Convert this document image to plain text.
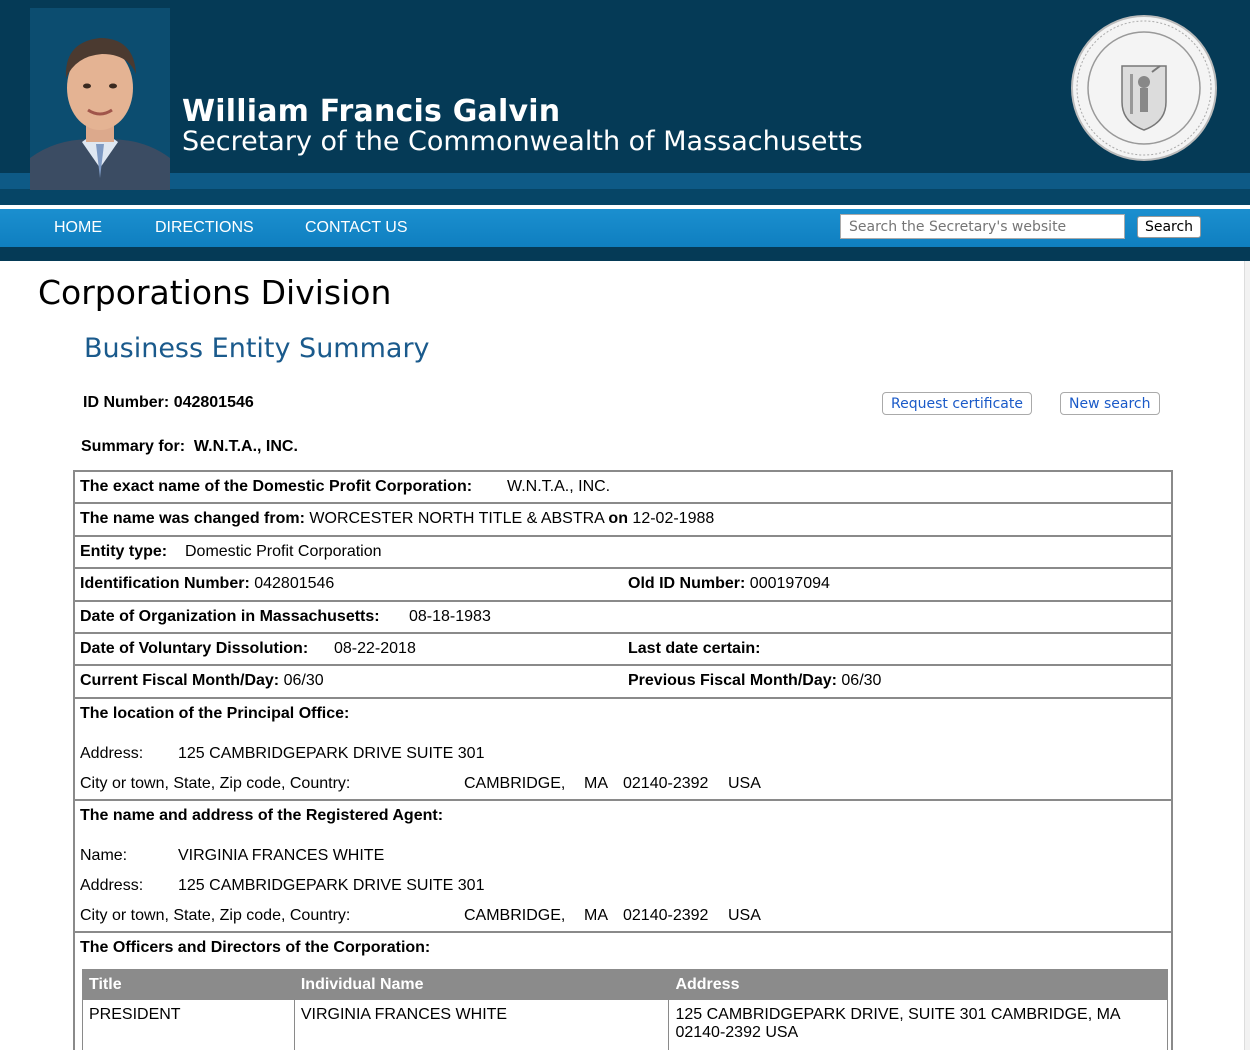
William Francis Galvin
Secretary of the Commonwealth of Massachusetts
HOME	DIRECTIONS	CONTACT US
Search the Secretary's website	Search
Corporations Division
Business Entity Summary
ID Number: 042801546	Request certificate	New search
Summary for: W.N.T.A., INC.
The exact name of the Domestic Profit Corporation: W.N.T.A., INC.
The name was changed from: WORCESTER NORTH TITLE & ABSTRA on 12-02-1988
Entity type: Domestic Profit Corporation
Identification Number: 042801546	Old ID Number: 000197094
Date of Organization in Massachusetts: 08-18-1983
Date of Voluntary Dissolution: 08-22-2018	Last date certain:
Current Fiscal Month/Day: 06/30	Previous Fiscal Month/Day: 06/30
The location of the Principal Office:
Address: 125 CAMBRIDGEPARK DRIVE SUITE 301
City or town, State, Zip code, Country:	CAMBRIDGE, MA 02140-2392 USA
The name and address of the Registered Agent:
Name:	VIRGINIA FRANCES WHITE
Address: 125 CAMBRIDGEPARK DRIVE SUITE 301
City or town, State, Zip code, Country:	CAMBRIDGE, MA 02140-2392 USA
The Officers and Directors of the Corporation:
Title	Individual Name	Address
PRESIDENT	VIRGINIA FRANCES WHITE	125 CAMBRIDGEPARK DRIVE, SUITE 301 CAMBRIDGE, MA 02140-2392 USA
